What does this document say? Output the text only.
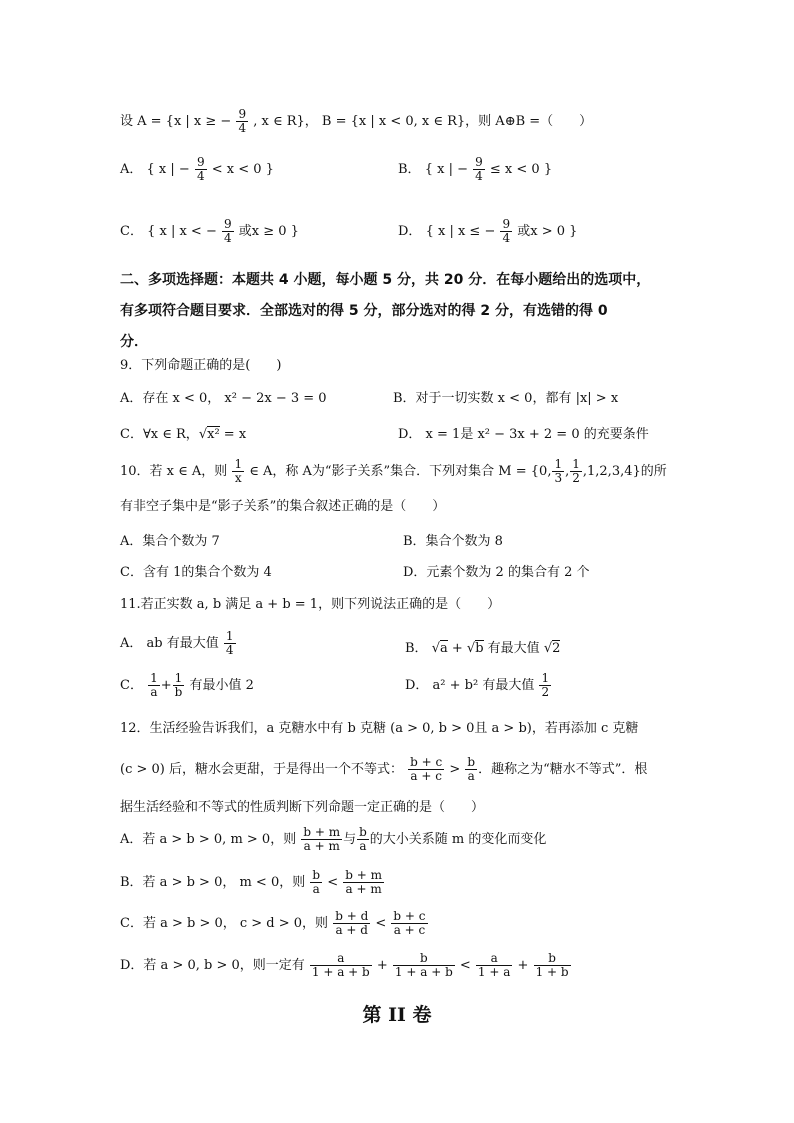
设 A = {x | x ≥ − $\frac{9}{4}$ , x ∈ R}， B = {x | x < 0, x ∈ R}，则 A⊕B =（　　）
A． { x | − $\frac{9}{4} < x < 0$ }	B． { x | − $\frac{9}{4} \le x < 0$ }
C． { x | x < − $\frac{9}{4}$ 或x ≥ 0 }	D． { x | x ≤ − $\frac{9}{4}$ 或x > 0 }
二、多项选择题：本题共 4 小题，每小题 5 分，共 20 分．在每小题给出的选项中，
有多项符合题目要求．全部选对的得 5 分，部分选对的得 2 分，有选错的得 0
分．
9．下列命题正确的是(　　)
A．存在 x < 0， x² − 2x − 3 = 0	B．对于一切实数 x < 0，都有 |x| > x
C．∀x ∈ R，√x² = x	D． x = 1是 x² − 3x + 2 = 0 的充要条件
10．若 x ∈ A，则 $\frac{1}{x}$ ∈ A，称 A为“影子关系”集合．下列对集合 M = {0, $\frac{1}{3}$ , $\frac{1}{2} ,1,2,3,4$}的所
有非空子集中是“影子关系”的集合叙述正确的是（　　）
A．集合个数为 7	B．集合个数为 8
C．含有 1的集合个数为 4	D．元素个数为 2 的集合有 2 个
11.若正实数 a, b 满足 a + b = 1，则下列说法正确的是（　　）
A． ab 有最大值 $\frac{1}{4}$	B． √a + √b 有最大值 √2
C． $\frac{1}{a} + \frac{1}{b}$ 有最小值 2	D． a² + b² 有最大值 $\frac{1}{2}$
12．生活经验告诉我们，a 克糖水中有 b 克糖 (a > 0, b > 0且 a > b)，若再添加 c 克糖
(c > 0) 后，糖水会更甜，于是得出一个不等式： $\frac{b + c}{a + c} > \frac{b}{a}$ ．趣称之为“糖水不等式”．根
据生活经验和不等式的性质判断下列命题一定正确的是（　　）
A．若 a > b > 0, m > 0，则 $\frac{b + m}{a + m}$ 与 $\frac{b}{a}$ 的大小关系随 m 的变化而变化
B．若 a > b > 0， m < 0，则 $\frac{b}{a} < \frac{b + m}{a + m}$
C．若 a > b > 0， c > d > 0，则 $\frac{b + d}{a + d} < \frac{b + c}{a + c}$
D．若 a > 0, b > 0，则一定有 $\frac{a}{1 + a + b} + \frac{b}{1 + a + b} < \frac{a}{1 + a} + \frac{b}{1 + b}$
第 II 卷
